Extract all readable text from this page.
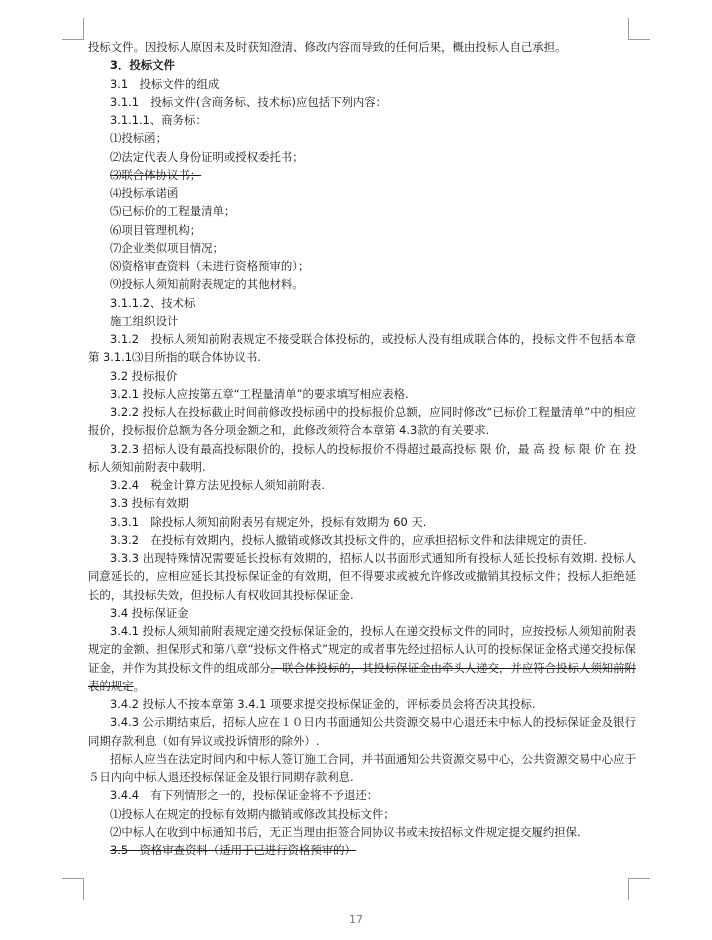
投标文件。因投标人原因未及时获知澄清、修改内容而导致的任何后果，概由投标人自己承担。

3．投标文件

3.1　投标文件的组成

3.1.1　投标文件(含商务标、技术标)应包括下列内容：

3.1.1.1、商务标：

⑴投标函；

⑵法定代表人身份证明或授权委托书；

⑶联合体协议书；

⑷投标承诺函

⑸已标价的工程量清单；

⑹项目管理机构；

⑺企业类似项目情况；

⑻资格审查资料（未进行资格预审的）；

⑼投标人须知前附表规定的其他材料。

3.1.1.2、技术标

施工组织设计

3.1.2　投标人须知前附表规定不接受联合体投标的，或投标人没有组成联合体的，投标文件不包括本章第 3.1.1⑶目所指的联合体协议书.

3.2 投标报价

3.2.1 投标人应按第五章“工程量清单”的要求填写相应表格.

3.2.2 投标人在投标截止时间前修改投标函中的投标报价总额，应同时修改“已标价工程量清单”中的相应报价，投标报价总额为各分项金额之和，此修改须符合本章第 4.3款的有关要求.

3.2.3 招标人设有最高投标限价的，投标人的投标报价不得超过最高投标 限 价，最 高 投 标 限 价 在 投标人须知前附表中载明.

3.2.4　税金计算方法见投标人须知前附表.

3.3 投标有效期

3.3.1　除投标人须知前附表另有规定外，投标有效期为 60 天.

3.3.2　在投标有效期内，投标人撤销或修改其投标文件的，应承担招标文件和法律规定的责任.

3.3.3 出现特殊情况需要延长投标有效期的，招标人以书面形式通知所有投标人延长投标有效期. 投标人同意延长的，应相应延长其投标保证金的有效期，但不得要求或被允许修改或撤销其投标文件；投标人拒绝延长的，其投标失效，但投标人有权收回其投标保证金.

3.4 投标保证金

3.4.1 投标人须知前附表规定递交投标保证金的，投标人在递交投标文件的同时，应按投标人须知前附表规定的金额、担保形式和第八章“投标文件格式”规定的或者事先经过招标人认可的投标保证金格式递交投标保证金，并作为其投标文件的组成部分。联合体投标的，其投标保证金由牵头人递交，并应符合投标人须知前附表的规定。

3.4.2 投标人不按本章第 3.4.1 项要求提交投标保证金的，评标委员会将否决其投标.

3.4.3 公示期结束后，招标人应在１０日内书面通知公共资源交易中心退还未中标人的投标保证金及银行同期存款利息（如有异议或投诉情形的除外）.

招标人应当在法定时间内和中标人签订施工合同，并书面通知公共资源交易中心，公共资源交易中心应于５日内向中标人退还投标保证金及银行同期存款利息.

3.4.4　有下列情形之一的，投标保证金将不予退还：

⑴投标人在规定的投标有效期内撤销或修改其投标文件；

⑵中标人在收到中标通知书后，无正当理由拒签合同协议书或未按招标文件规定提交履约担保.

3.5　资格审查资料（适用于已进行资格预审的）

17
